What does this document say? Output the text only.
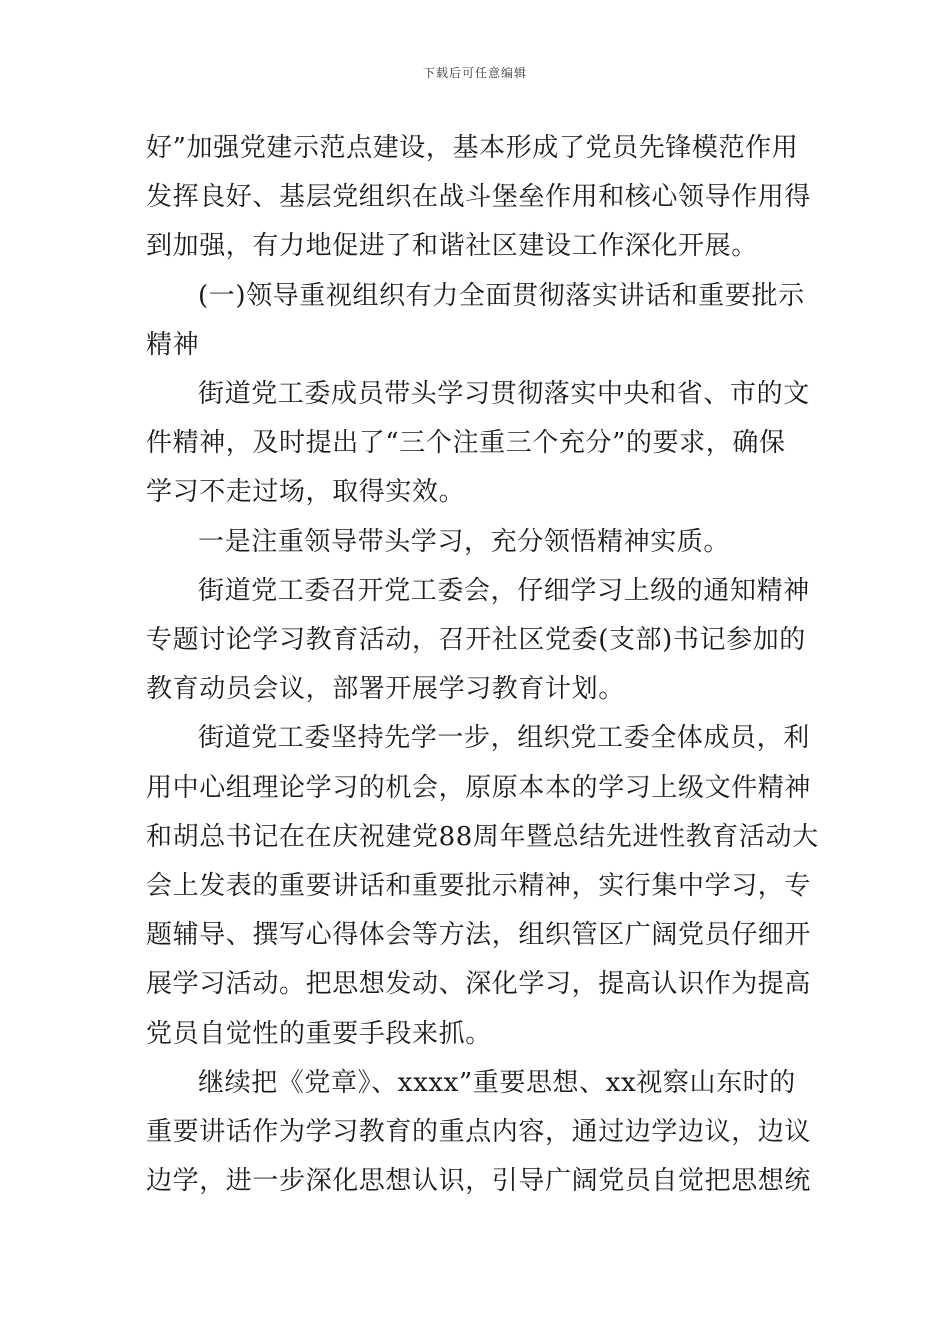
下载后可任意编辑
好”加强党建示范点建设，基本形成了党员先锋模范作用
发挥良好、基层党组织在战斗堡垒作用和核心领导作用得
到加强，有力地促进了和谐社区建设工作深化开展。
(一)领导重视组织有力全面贯彻落实讲话和重要批示
精神
街道党工委成员带头学习贯彻落实中央和省、市的文
件精神，及时提出了“三个注重三个充分”的要求，确保
学习不走过场，取得实效。
一是注重领导带头学习，充分领悟精神实质。
街道党工委召开党工委会，仔细学习上级的通知精神
专题讨论学习教育活动，召开社区党委(支部)书记参加的
教育动员会议，部署开展学习教育计划。
街道党工委坚持先学一步，组织党工委全体成员，利
用中心组理论学习的机会，原原本本的学习上级文件精神
和胡总书记在在庆祝建党88周年暨总结先进性教育活动大
会上发表的重要讲话和重要批示精神，实行集中学习，专
题辅导、撰写心得体会等方法，组织管区广阔党员仔细开
展学习活动。把思想发动、深化学习，提高认识作为提高
党员自觉性的重要手段来抓。
继续把《党章》、xxxx”重要思想、xx视察山东时的
重要讲话作为学习教育的重点内容，通过边学边议，边议
边学，进一步深化思想认识，引导广阔党员自觉把思想统
